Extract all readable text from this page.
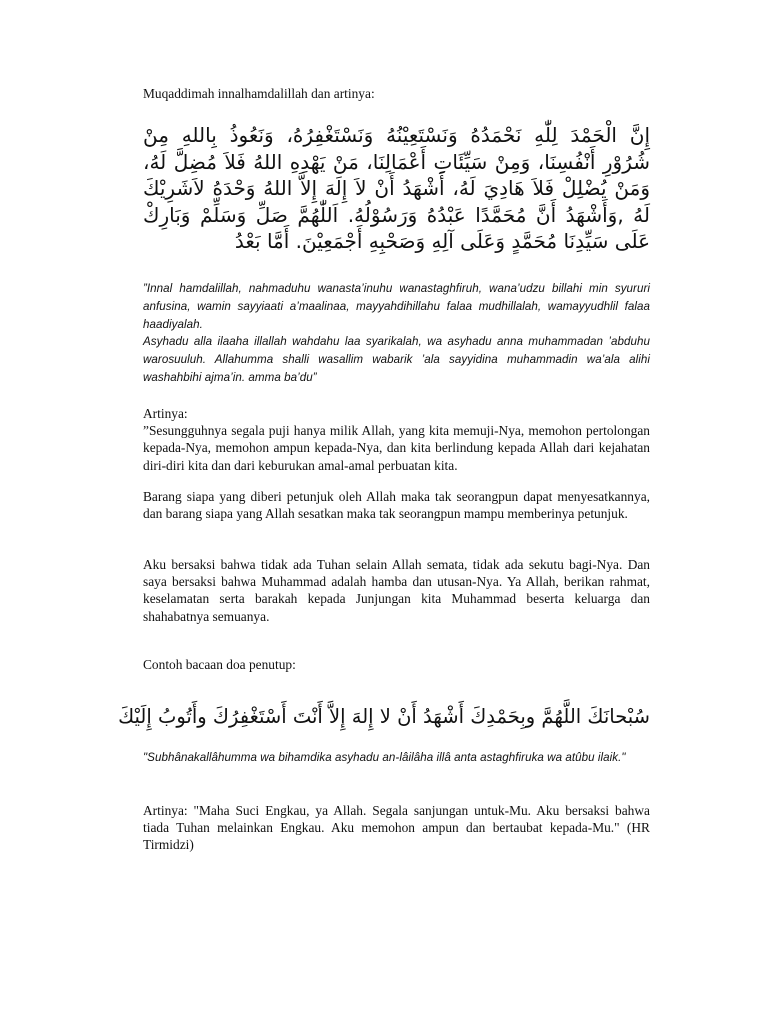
Muqaddimah innalhamdalillah dan artinya:

إِنَّ الْحَمْدَ لِلّٰهِ نَحْمَدُهُ وَنَسْتَعِيْنُهُ وَنَسْتَغْفِرُهُ، وَنَعُوذُ بِاللهِ مِنْ شُرُوْرِ أَنْفُسِنَا، وَمِنْ سَيِّئَاتِ أَعْمَالِنَا، مَنْ يَهْدِهِ اللهُ فَلاَ مُضِلَّ لَهُ، وَمَنْ يُضْلِلْ فَلاَ هَادِيَ لَهُ، أَشْهَدُ أَنْ لاَ إِلَهَ إِلاَّ اللهُ وَحْدَهُ لاَشَرِيْكَ لَهُ ,وَأَشْهَدُ أَنَّ مُحَمَّدًا عَبْدُهُ وَرَسُوْلُهُ. اَللّٰهُمَّ صَلِّ وَسَلِّمْ وَبَارِكْ عَلَى سَيِّدِنَا مُحَمَّدٍ وَعَلَى آلِهِ وَصَحْبِهِ أَجْمَعِيْنَ. أَمَّا بَعْدُ

”Innal hamdalillah, nahmaduhu wanasta’inuhu wanastaghfiruh, wana’udzu billahi min syururi anfusina, wamin sayyiaati a’maalinaa, mayyahdihillahu falaa mudhillalah, wamayyudhlil falaa haadiyalah.

Asyhadu alla ilaaha illallah wahdahu laa syarikalah, wa asyhadu anna muhammadan ’abduhu warosuuluh. Allahumma shalli wasallim wabarik ’ala sayyidina muhammadin wa’ala alihi washahbihi ajma’in. amma ba’du”

Artinya:

”Sesungguhnya segala puji hanya milik Allah, yang kita memuji-Nya, memohon pertolongan kepada-Nya, memohon ampun kepada-Nya, dan kita berlindung kepada Allah dari kejahatan diri-diri kita dan dari keburukan amal-amal perbuatan kita.

Barang siapa yang diberi petunjuk oleh Allah maka tak seorangpun dapat menyesatkannya, dan barang siapa yang Allah sesatkan maka tak seorangpun mampu memberinya petunjuk.

Aku bersaksi bahwa tidak ada Tuhan selain Allah semata, tidak ada sekutu bagi-Nya. Dan saya bersaksi bahwa Muhammad adalah hamba dan utusan-Nya. Ya Allah, berikan rahmat, keselamatan serta barakah kepada Junjungan kita Muhammad beserta keluarga dan shahabatnya semuanya.

Contoh bacaan doa penutup:

سُبْحانَكَ اللَّهُمَّ وبِحَمْدِكَ أَشْهَدُ أَنْ لا إِلهَ إِلاَّ أَنْتَ أَسْتَغْفِرُكَ وأَتُوبُ إِلَيْكَ

"Subhânakallâhumma wa bihamdika asyhadu an-lâilâha illâ anta astaghfiruka wa atûbu ilaik."

Artinya: "Maha Suci Engkau, ya Allah. Segala sanjungan untuk-Mu. Aku bersaksi bahwa tiada Tuhan melainkan Engkau. Aku memohon ampun dan bertaubat kepada-Mu." (HR Tirmidzi)
